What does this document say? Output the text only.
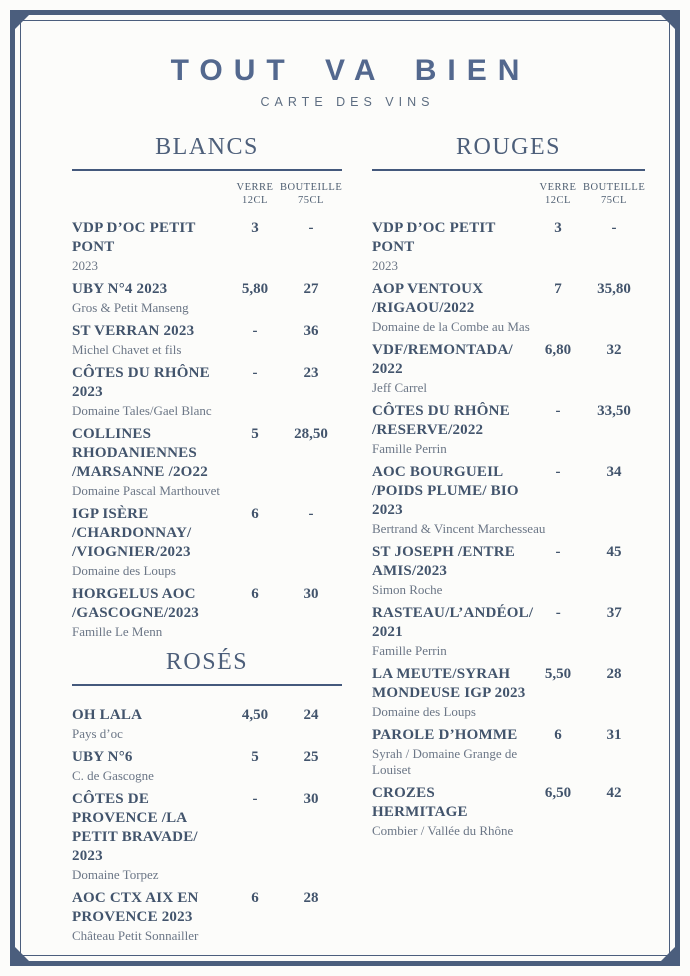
TOUT VA BIEN
CARTE DES VINS
BLANCS
VERRE
12CL
BOUTEILLE
75CL
VDP D’OC PETIT PONT
2023
3	-
UBY N°4 2023
Gros & Petit Manseng
5,80	27
ST VERRAN 2023
Michel Chavet et fils
-	36
CÔTES DU RHÔNE 2023
Domaine Tales/Gael Blanc
-	23
COLLINES RHODANIENNES /MARSANNE /2O22
Domaine Pascal Marthouvet
5	28,50
IGP ISÈRE /CHARDONNAY/ /VIOGNIER/2023
Domaine des Loups
6	-
HORGELUS AOC /GASCOGNE/2023
Famille Le Menn
6	30
ROSÉS
OH LALA
Pays d’oc
4,50	24
UBY N°6
C. de Gascogne
5	25
CÔTES DE PROVENCE /LA PETIT BRAVADE/ 2023
Domaine Torpez
-	30
AOC CTX AIX EN PROVENCE 2023
Château Petit Sonnailler
6	28
ROUGES
VERRE
12CL
BOUTEILLE
75CL
VDP D’OC PETIT PONT
2023
3	-
AOP VENTOUX /RIGAOU/2022
Domaine de la Combe au Mas
7	35,80
VDF/REMONTADA/ 2022
Jeff Carrel
6,80	32
CÔTES DU RHÔNE /RESERVE/2022
Famille Perrin
-	33,50
AOC BOURGUEIL /POIDS PLUME/ BIO 2023
Bertrand & Vincent Marchesseau
-	34
ST JOSEPH /ENTRE AMIS/2023
Simon Roche
-	45
RASTEAU/L’ANDÉOL/ 2021
Famille Perrin
-	37
LA MEUTE/SYRAH MONDEUSE IGP 2023
Domaine des Loups
5,50	28
PAROLE D’HOMME
Syrah / Domaine Grange de Louiset
6	31
CROZES HERMITAGE
Combier / Vallée du Rhône
6,50	42
